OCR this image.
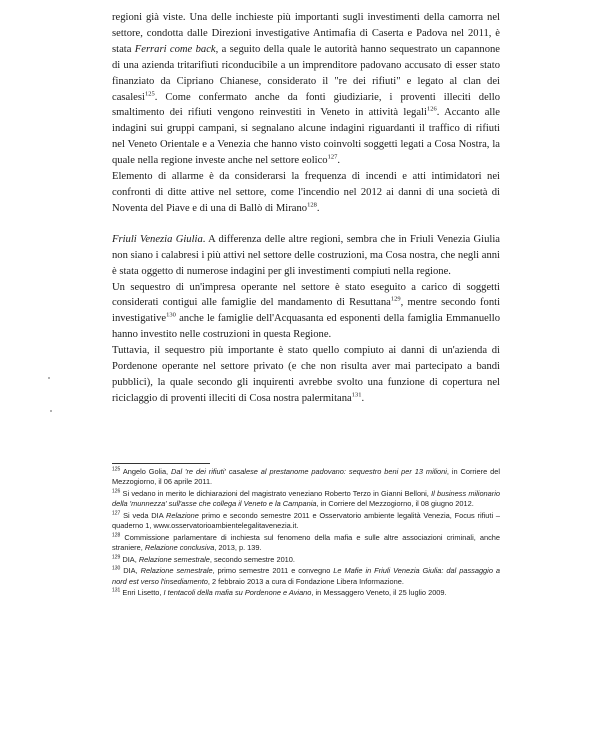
regioni già viste. Una delle inchieste più importanti sugli investimenti della camorra nel settore, condotta dalle Direzioni investigative Antimafia di Caserta e Padova nel 2011, è stata Ferrari come back, a seguito della quale le autorità hanno sequestrato un capannone di una azienda tritarifiuti riconducibile a un imprenditore padovano accusato di esser stato finanziato da Cipriano Chianese, considerato il "re dei rifiuti" e legato al clan dei casalesi$^{125}$. Come confermato anche da fonti giudiziarie, i proventi illeciti dello smaltimento dei rifiuti vengono reinvestiti in Veneto in attività legali$^{126}$. Accanto alle indagini sui gruppi campani, si segnalano alcune indagini riguardanti il traffico di rifiuti nel Veneto Orientale e a Venezia che hanno visto coinvolti soggetti legati a Cosa Nostra, la quale nella regione investe anche nel settore eolico$^{127}$.

Elemento di allarme è da considerarsi la frequenza di incendi e atti intimidatori nei confronti di ditte attive nel settore, come l'incendio nel 2012 ai danni di una società di Noventa del Piave e di una di Ballò di Mirano$^{128}$.

Friuli Venezia Giulia. A differenza delle altre regioni, sembra che in Friuli Venezia Giulia non siano i calabresi i più attivi nel settore delle costruzioni, ma Cosa nostra, che negli anni è stata oggetto di numerose indagini per gli investimenti compiuti nella regione.

Un sequestro di un'impresa operante nel settore è stato eseguito a carico di soggetti considerati contigui alle famiglie del mandamento di Resuttana$^{129}$, mentre secondo fonti investigative$^{130}$ anche le famiglie dell'Acquasanta ed esponenti della famiglia Emmanuello hanno investito nelle costruzioni in questa Regione.

Tuttavia, il sequestro più importante è stato quello compiuto ai danni di un'azienda di Pordenone operante nel settore privato (e che non risulta aver mai partecipato a bandi pubblici), la quale secondo gli inquirenti avrebbe svolto una funzione di copertura nel riciclaggio di proventi illeciti di Cosa nostra palermitana$^{131}$.

$^{125}$ Angelo Golia, Dal 're dei rifiuti' casalese al prestanome padovano: sequestro beni per 13 milioni, in Corriere del Mezzogiorno, il 06 aprile 2011.

$^{126}$ Si vedano in merito le dichiarazioni del magistrato veneziano Roberto Terzo in Gianni Belloni, Il business milionario della 'munnezza' sull'asse che collega il Veneto e la Campania, in Corriere del Mezzogiorno, il 08 giugno 2012.

$^{127}$ Si veda DIA Relazione primo e secondo semestre 2011 e Osservatorio ambiente legalità Venezia, Focus rifiuti – quaderno 1, www.osservatorioambientelegalitavenezia.it.

$^{128}$ Commissione parlamentare di inchiesta sul fenomeno della mafia e sulle altre associazioni criminali, anche straniere, Relazione conclusiva, 2013, p. 139.

$^{129}$ DIA, Relazione semestrale, secondo semestre 2010.

$^{130}$ DIA, Relazione semestrale, primo semestre 2011 e convegno Le Mafie in Friuli Venezia Giulia: dal passaggio a nord est verso l'insediamento, 2 febbraio 2013 a cura di Fondazione Libera Informazione.

$^{131}$ Enri Lisetto, I tentacoli della mafia su Pordenone e Aviano, in Messaggero Veneto, il 25 luglio 2009.
